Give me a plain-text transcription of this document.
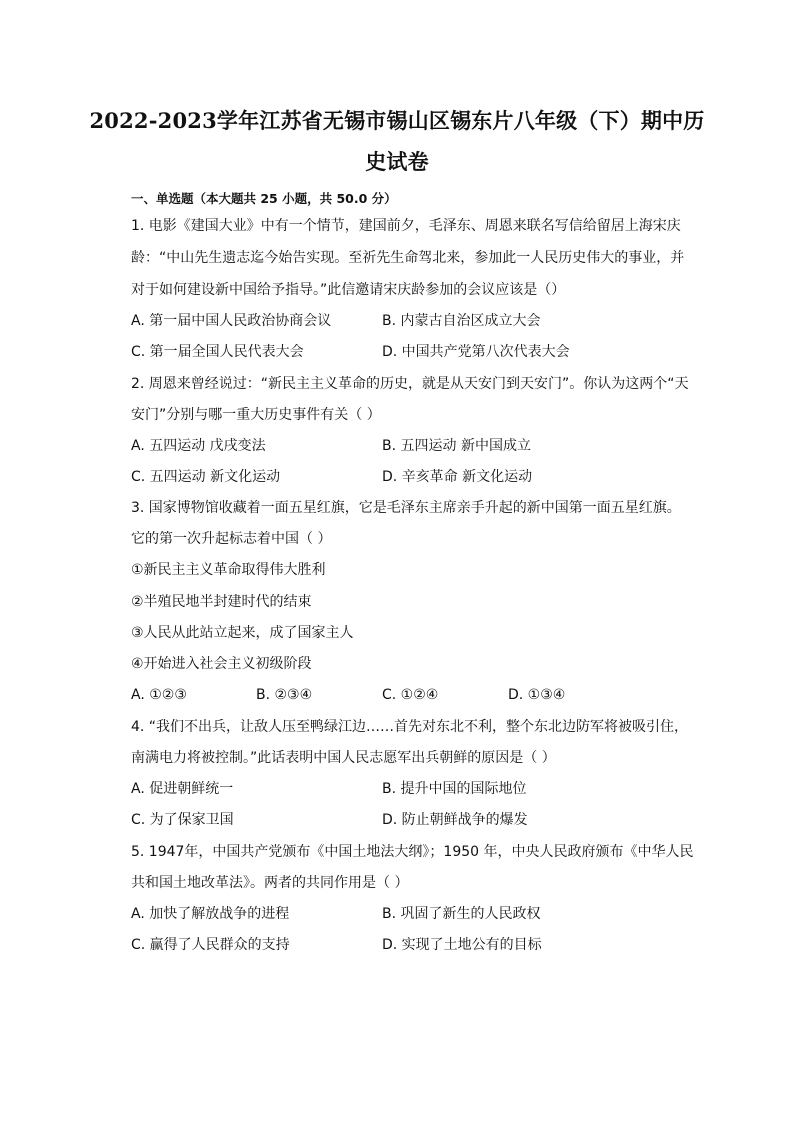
2022-2023学年江苏省无锡市锡山区锡东片八年级（下）期中历
史试卷
一、单选题（本大题共 25 小题，共 50.0 分）
1. 电影《建国大业》中有一个情节，建国前夕，毛泽东、周恩来联名写信给留居上海宋庆
龄：“中山先生遗志迄今始告实现。至祈先生命驾北来，参加此一人民历史伟大的事业，并
对于如何建设新中国给予指导。”此信邀请宋庆龄参加的会议应该是（）
A. 第一届中国人民政治协商会议	B. 内蒙古自治区成立大会
C. 第一届全国人民代表大会	D. 中国共产党第八次代表大会
2. 周恩来曾经说过：“新民主主义革命的历史，就是从天安门到天安门”。你认为这两个“天
安门”分别与哪一重大历史事件有关（ ）
A. 五四运动 戊戌变法	B. 五四运动 新中国成立
C. 五四运动 新文化运动	D. 辛亥革命 新文化运动
3. 国家博物馆收藏着一面五星红旗，它是毛泽东主席亲手升起的新中国第一面五星红旗。
它的第一次升起标志着中国（ ）
①新民主主义革命取得伟大胜利
②半殖民地半封建时代的结束
③人民从此站立起来，成了国家主人
④开始进入社会主义初级阶段
A. ①②③	B. ②③④	C. ①②④	D. ①③④
4. “我们不出兵，让敌人压至鸭绿江边……首先对东北不利，整个东北边防军将被吸引住，
南满电力将被控制。”此话表明中国人民志愿军出兵朝鲜的原因是（ ）
A. 促进朝鲜统一	B. 提升中国的国际地位
C. 为了保家卫国	D. 防止朝鲜战争的爆发
5. 1947年，中国共产党颁布《中国土地法大纲》；1950 年，中央人民政府颁布《中华人民
共和国土地改革法》。两者的共同作用是（ ）
A. 加快了解放战争的进程	B. 巩固了新生的人民政权
C. 赢得了人民群众的支持	D. 实现了土地公有的目标
